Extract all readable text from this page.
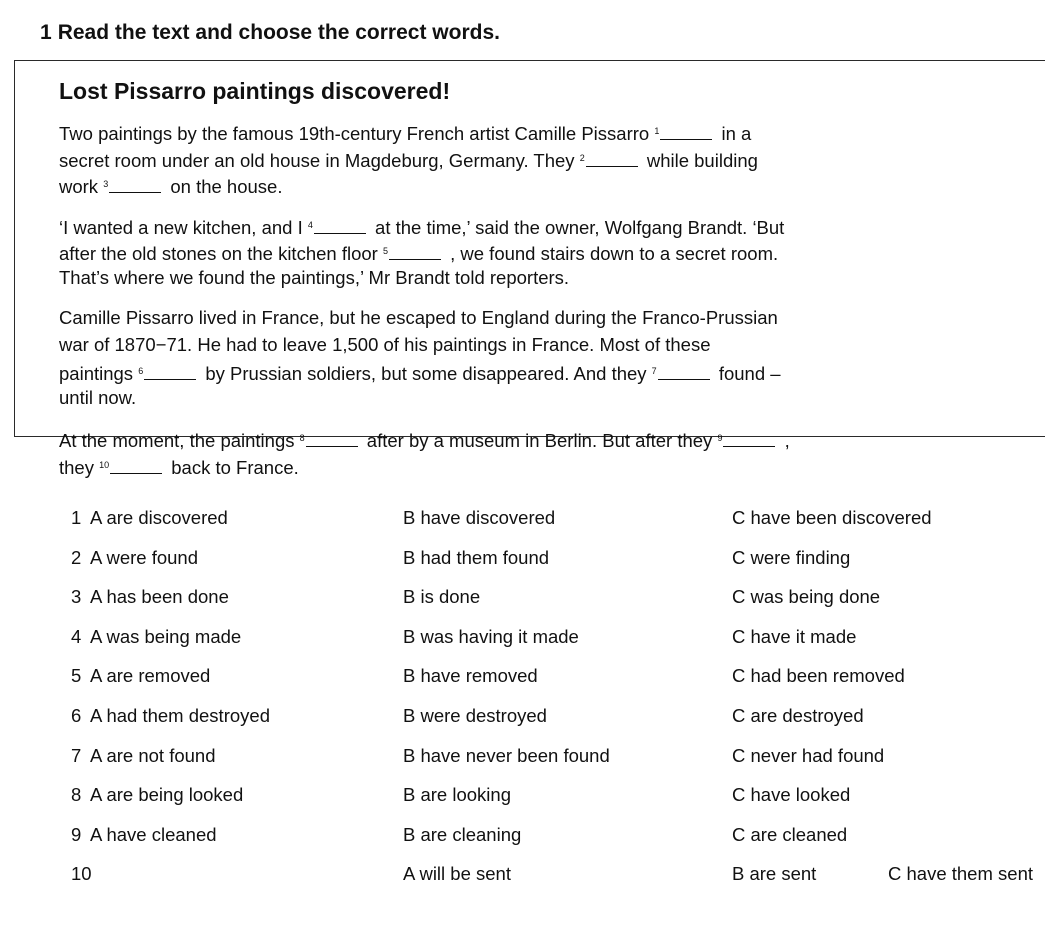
1 Read the text and choose the correct words.
Lost Pissarro paintings discovered!
Two paintings by the famous 19th-century French artist Camille Pissarro $^1$	in a
secret room under an old house in Magdeburg, Germany. They $^2$	while building
work $^3$	on the house.
‘I wanted a new kitchen, and I $^4$	at the time,’ said the owner, Wolfgang Brandt. ‘But
after the old stones on the kitchen floor $^5$	, we found stairs down to a secret room.
That’s where we found the paintings,’ Mr Brandt told reporters.
Camille Pissarro lived in France, but he escaped to England during the Franco-Prussian
war of 1870−71. He had to leave 1,500 of his paintings in France. Most of these
paintings $^6$	by Prussian soldiers, but some disappeared. And they $^7$	found –
until now.
At the moment, the paintings $^8$	after by a museum in Berlin. But after they $^9$	,
they $^{10}$	back to France.
1 A are discovered	B have discovered	C have been discovered
2 A were found	B had them found	C were finding
3 A has been done	B is done	C was being done
4 A was being made	B was having it made	C have it made
5 A are removed	B have removed	C had been removed
6 A had them destroyed	B were destroyed	C are destroyed
7 A are not found	B have never been found	C never had found
8 A are being looked	B are looking	C have looked
9 A have cleaned	B are cleaning	C are cleaned
10	A will be sent	B are sent	C have them sent
